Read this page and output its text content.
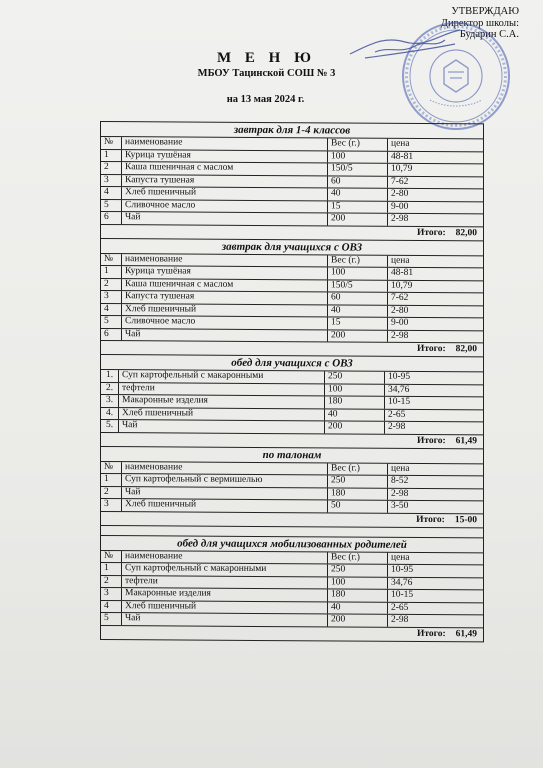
УТВЕРЖДАЮ
Директор школы:
Бударин С.А.
М Е Н Ю
МБОУ Тацинской СОШ № 3
на 13 мая 2024 г.
завтрак для 1-4 классов
№	наименование	Вес (г.)	цена
1	Курица тушёная	100	48-81
2	Каша пшеничная с маслом	150/5	10,79
3	Капуста тушеная	60	7-62
4	Хлеб пшеничный	40	2-80
5	Сливочное масло	15	9-00
6	Чай	200	2-98
Итого: 82,00
завтрак для учащихся с ОВЗ
№	наименование	Вес (г.)	цена
1	Курица тушёная	100	48-81
2	Каша пшеничная с маслом	150/5	10,79
3	Капуста тушеная	60	7-62
4	Хлеб пшеничный	40	2-80
5	Сливочное масло	15	9-00
6	Чай	200	2-98
Итого: 82,00
обед для учащихся с ОВЗ
1. Суп картофельный с макаронными	250	10-95
2. тефтели	100	34,76
3. Макаронные изделия	180	10-15
4. Хлеб пшеничный	40	2-65
5. Чай	200	2-98
Итого: 61,49
по талонам
№	наименование	Вес (г.)	цена
1	Суп картофельный с вермишелью	250	8-52
2	Чай	180	2-98
3	Хлеб пшеничный	50	3-50
Итого: 15-00
обед для учащихся мобилизованных родителей
№	наименование	Вес (г.)	цена
1	Суп картофельный с макаронными	250	10-95
2	тефтели	100	34,76
3	Макаронные изделия	180	10-15
4	Хлеб пшеничный	40	2-65
5	Чай	200	2-98
Итого: 61,49
